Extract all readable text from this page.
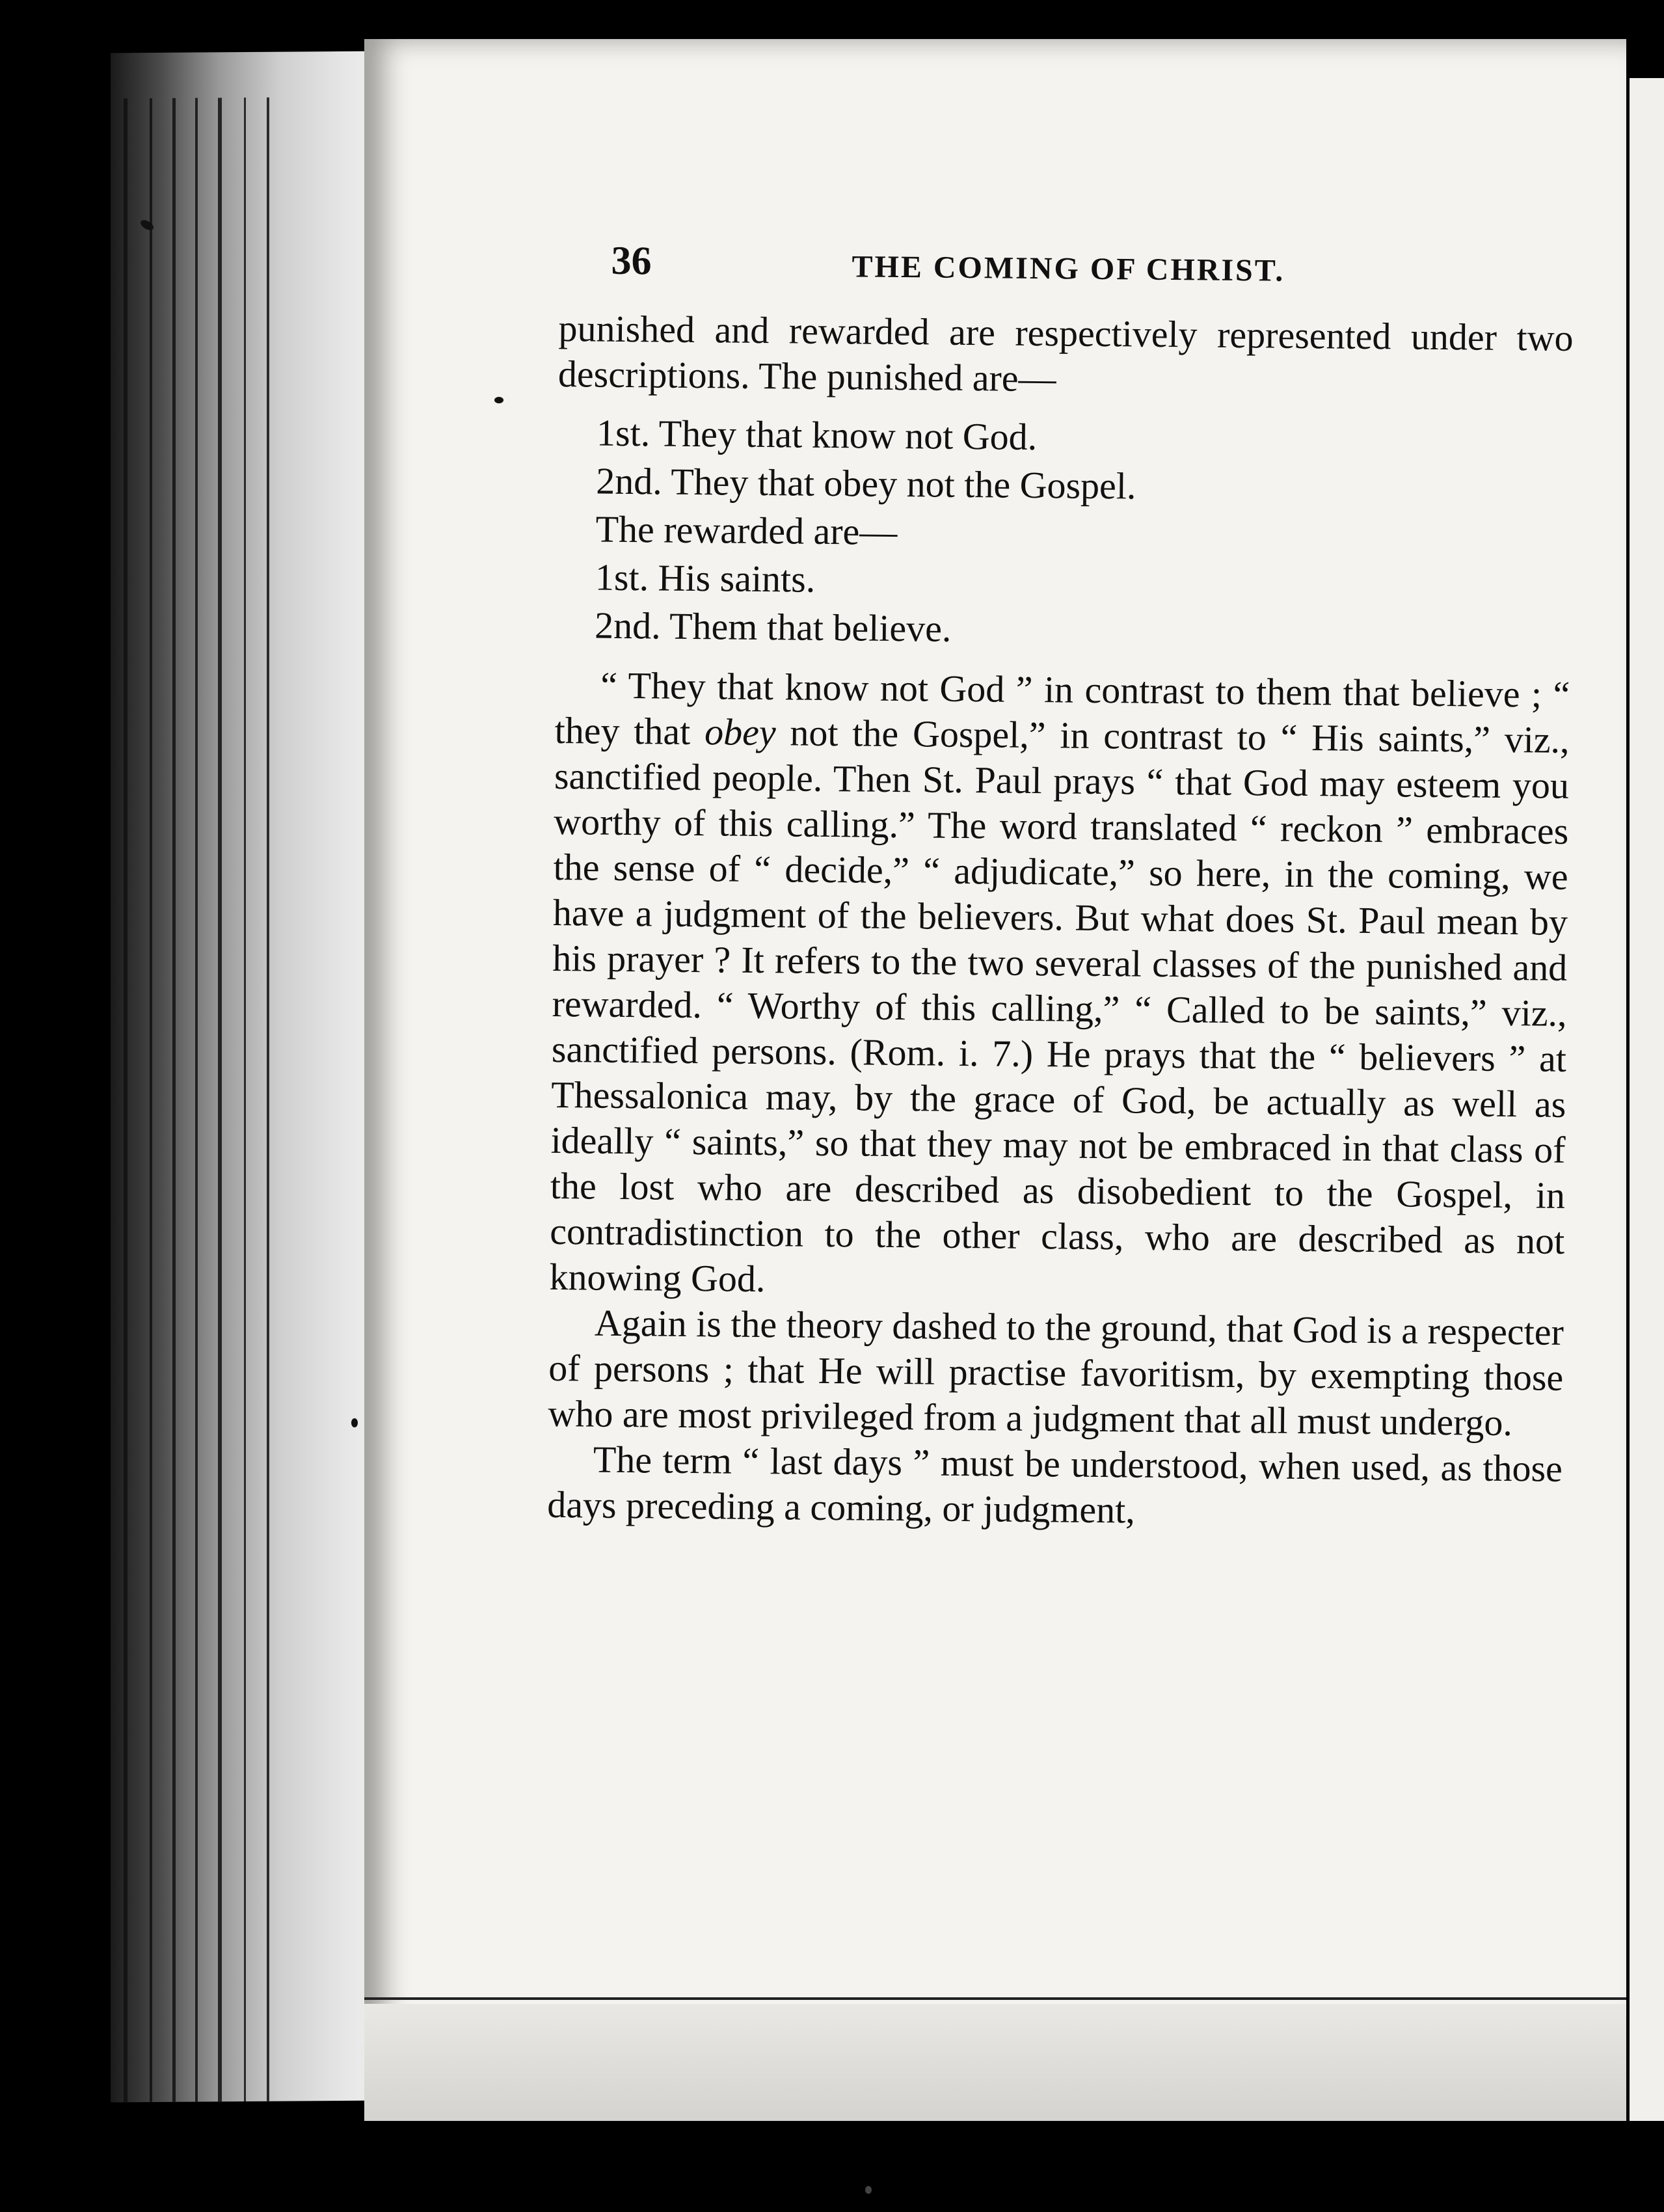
36	THE COMING OF CHRIST.

punished and rewarded are respectively represented under two descriptions. The punished are—

1st. They that know not God.
2nd. They that obey not the Gospel.
The rewarded are—
1st. His saints.
2nd. Them that believe.

“ They that know not God ” in contrast to them that believe ; “ they that obey not the Gospel,” in contrast to “ His saints,” viz., sanctified people. Then St. Paul prays “ that God may esteem you worthy of this calling.” The word translated “ reckon ” embraces the sense of “ decide,” “ adjudicate,” so here, in the coming, we have a judgment of the believers. But what does St. Paul mean by his prayer ? It refers to the two several classes of the punished and rewarded. “ Worthy of this calling,” “ Called to be saints,” viz., sanctified persons. (Rom. i. 7.) He prays that the “ believers ” at Thessalonica may, by the grace of God, be actually as well as ideally “ saints,” so that they may not be embraced in that class of the lost who are described as disobedient to the Gospel, in contradistinction to the other class, who are described as not knowing God.

Again is the theory dashed to the ground, that God is a respecter of persons ; that He will practise favoritism, by exempting those who are most privileged from a judgment that all must undergo.

The term “ last days ” must be understood, when used, as those days preceding a coming, or judgment,
